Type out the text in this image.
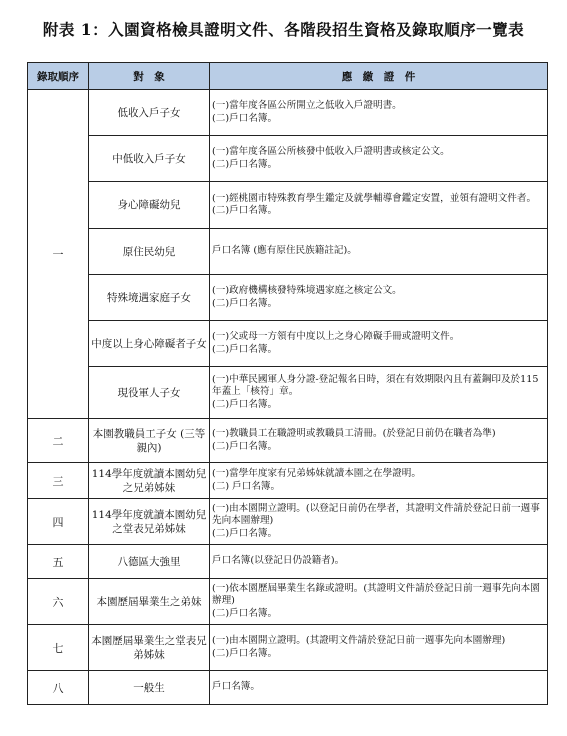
附表 1：入園資格檢具證明文件、各階段招生資格及錄取順序一覽表
錄取順序	對　象	應　繳　證　件
一	低收入戶子女	(一)當年度各區公所開立之低收入戶證明書。
(二)戶口名簿。

	中低收入戶子女	(一)當年度各區公所核發中低收入戶證明書或核定公文。
(二)戶口名簿。

	身心障礙幼兒	(一)經桃園市特殊教育學生鑑定及就學輔導會鑑定安置，並領有證明文件者。
(二)戶口名簿。

	原住民幼兒	戶口名簿 (應有原住民族籍註記)。

	特殊境遇家庭子女	(一)政府機構核發特殊境遇家庭之核定公文。
(二)戶口名簿。

	中度以上身心障礙者子女	(一)父或母一方領有中度以上之身心障礙手冊或證明文件。
(二)戶口名簿。

	現役軍人子女	(一)中華民國軍人身分證-登記報名日時，須在有效期限內且有蓋鋼印及於115年蓋上「核符」章。
(二)戶口名簿。

二	本園教職員工子女 (三等親內)	(一)教職員工在職證明或教職員工清冊。(於登記日前仍在職者為準)
(二)戶口名簿。

三	114學年度就讀本園幼兒之兄弟姊妹	(一)當學年度家有兄弟姊妹就讀本園之在學證明。
(二) 戶口名簿。

四	114學年度就讀本園幼兒之堂表兄弟姊妹	(一)由本園開立證明。(以登記日前仍在學者，其證明文件請於登記日前一週事先向本園辦理)
(二)戶口名簿。

五	八德區大強里	戶口名簿(以登記日仍設籍者)。

六	本園歷屆畢業生之弟妹	(一)依本園歷屆畢業生名錄或證明。(其證明文件請於登記日前一週事先向本園辦理)
(二)戶口名簿。

七	本園歷屆畢業生之堂表兄弟姊妹	(一)由本園開立證明。(其證明文件請於登記日前一週事先向本園辦理)
(二)戶口名簿。

八	一般生	戶口名簿。
